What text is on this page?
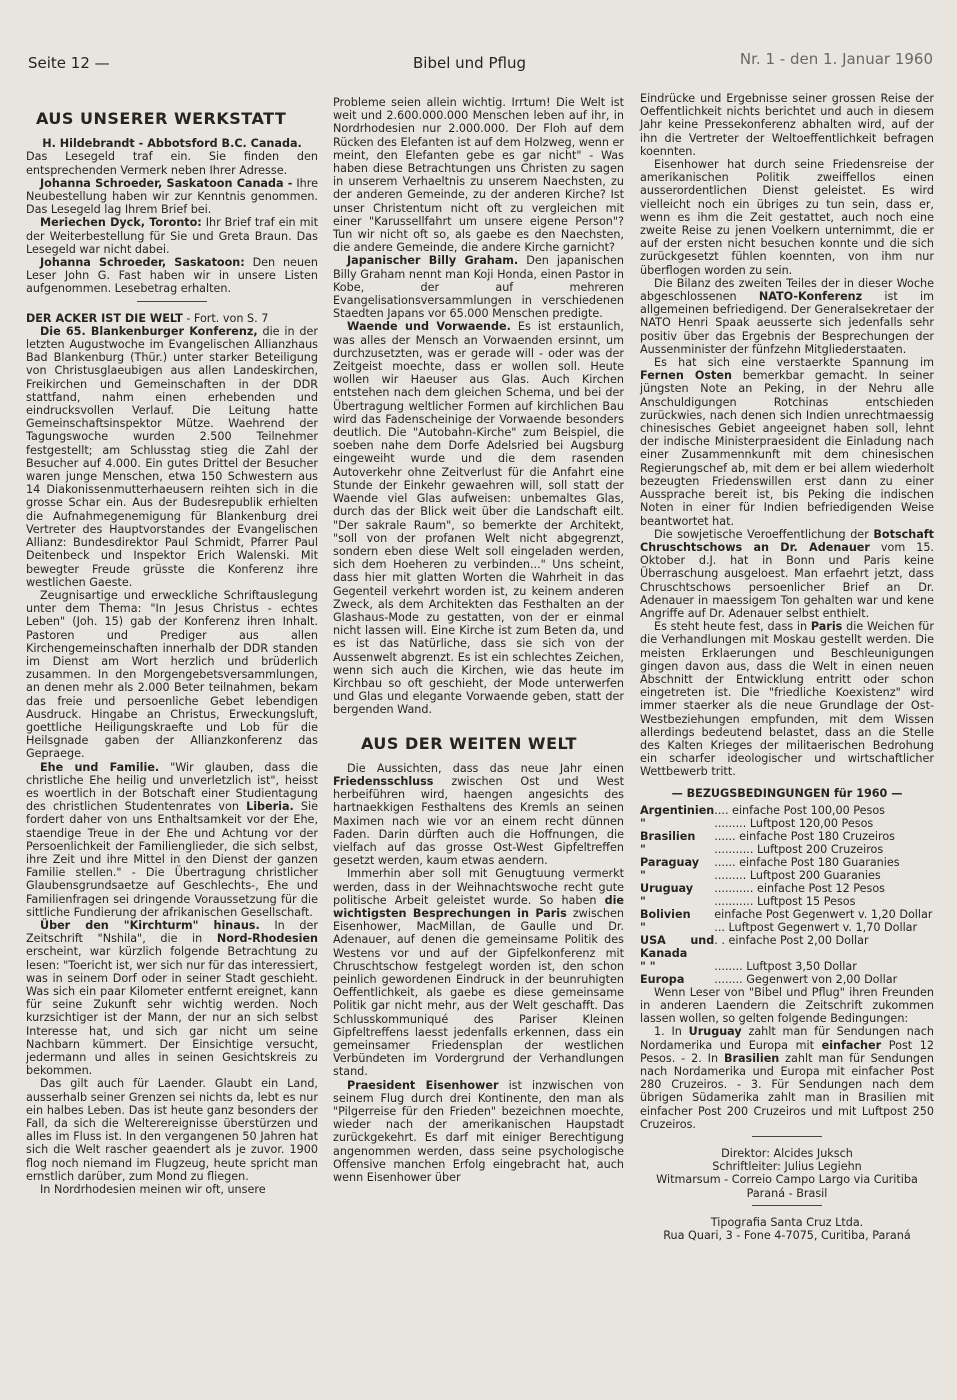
Seite 12 —	Bibel und Pflug	Nr. 1 - den 1. Januar 1960
AUS UNSERER WERKSTATT

H. Hildebrandt - Abbotsford B.C. Canada.

Das Lesegeld traf ein. Sie finden den entsprechenden Vermerk neben Ihrer Adresse.

Johanna Schroeder, Saskatoon Canada - Ihre Neubestellung haben wir zur Kenntnis genommen. Das Lesegeld lag Ihrem Brief bei.

Meriechen Dyck, Toronto: Ihr Brief traf ein mit der Weiterbestellung für Sie und Greta Braun. Das Lesegeld war nicht dabei.

Johanna Schroeder, Saskatoon: Den neuen Leser John G. Fast haben wir in unsere Listen aufgenommen. Lesebetrag erhalten.

DER ACKER IST DIE WELT - Fort. von S. 7

Die 65. Blankenburger Konferenz, die in der letzten Augustwoche im Evangelischen Allianzhaus Bad Blankenburg (Thür.) unter starker Beteiligung von Christusglaeubigen aus allen Landeskirchen, Freikirchen und Gemeinschaften in der DDR stattfand, nahm einen erhebenden und eindrucksvollen Verlauf. Die Leitung hatte Gemeinschaftsinspektor Mütze. Waehrend der Tagungswoche wurden 2.500 Teilnehmer festgestellt; am Schlusstag stieg die Zahl der Besucher auf 4.000. Ein gutes Drittel der Besucher waren junge Menschen, etwa 150 Schwestern aus 14 Diakonissenmutterhaeusern reihten sich in die grosse Schar ein. Aus der Budesrepublik erhielten die Aufnahmegenemigung für Blankenburg drei Vertreter des Hauptvorstandes der Evangelischen Allianz: Bundesdirektor Paul Schmidt, Pfarrer Paul Deitenbeck und Inspektor Erich Walenski. Mit bewegter Freude grüsste die Konferenz ihre westlichen Gaeste.

Zeugnisartige und erweckliche Schriftauslegung unter dem Thema: "In Jesus Christus - echtes Leben" (Joh. 15) gab der Konferenz ihren Inhalt. Pastoren und Prediger aus allen Kirchengemeinschaften innerhalb der DDR standen im Dienst am Wort herzlich und brüderlich zusammen. In den Morgengebetsversammlungen, an denen mehr als 2.000 Beter teilnahmen, bekam das freie und persoenliche Gebet lebendigen Ausdruck. Hingabe an Christus, Erweckungsluft, goettliche Heiligungskraefte und Lob für die Heilsgnade gaben der Allianzkonferenz das Gepraege.

Ehe und Familie. "Wir glauben, dass die christliche Ehe heilig und unverletzlich ist", heisst es woertlich in der Botschaft einer Studientagung des christlichen Studentenrates von Liberia. Sie fordert daher von uns Enthaltsamkeit vor der Ehe, staendige Treue in der Ehe und Achtung vor der Persoenlichkeit der Familienglieder, die sich selbst, ihre Zeit und ihre Mittel in den Dienst der ganzen Familie stellen." - Die Übertragung christlicher Glaubensgrundsaetze auf Geschlechts-, Ehe und Familienfragen sei dringende Voraussetzung für die sittliche Fundierung der afrikanischen Gesellschaft.

Über den "Kirchturm" hinaus. In der Zeitschrift "Nshila", die in Nord-Rhodesien erscheint, war kürzlich folgende Betrachtung zu lesen: "Toericht ist, wer sich nur für das interessiert, was in seinem Dorf oder in seiner Stadt geschieht. Was sich ein paar Kilometer entfernt ereignet, kann für seine Zukunft sehr wichtig werden. Noch kurzsichtiger ist der Mann, der nur an sich selbst Interesse hat, und sich gar nicht um seine Nachbarn kümmert. Der Einsichtige versucht, jedermann und alles in seinen Gesichtskreis zu bekommen.

Das gilt auch für Laender. Glaubt ein Land, ausserhalb seiner Grenzen sei nichts da, lebt es nur ein halbes Leben. Das ist heute ganz besonders der Fall, da sich die Welterereignisse überstürzen und alles im Fluss ist. In den vergangenen 50 Jahren hat sich die Welt rascher geaendert als je zuvor. 1900 flog noch niemand im Flugzeug, heute spricht man ernstlich darüber, zum Mond zu fliegen.

In Nordrhodesien meinen wir oft, unsere

Probleme seien allein wichtig. Irrtum! Die Welt ist weit und 2.600.000.000 Menschen leben auf ihr, in Nordrhodesien nur 2.000.000. Der Floh auf dem Rücken des Elefanten ist auf dem Holzweg, wenn er meint, den Elefanten gebe es gar nicht" - Was haben diese Betrachtungen uns Christen zu sagen in unserem Verhaeltnis zu unserem Naechsten, zu der anderen Gemeinde, zu der anderen Kirche? Ist unser Christentum nicht oft zu vergleichen mit einer "Karussellfahrt um unsere eigene Person"? Tun wir nicht oft so, als gaebe es den Naechsten, die andere Gemeinde, die andere Kirche garnicht?

Japanischer Billy Graham. Den japanischen Billy Graham nennt man Koji Honda, einen Pastor in Kobe, der auf mehreren Evangelisationsversammlungen in verschiedenen Staedten Japans vor 65.000 Menschen predigte.

Waende und Vorwaende. Es ist erstaunlich, was alles der Mensch an Vorwaenden ersinnt, um durchzusetzten, was er gerade will - oder was der Zeitgeist moechte, dass er wollen soll. Heute wollen wir Haeuser aus Glas. Auch Kirchen entstehen nach dem gleichen Schema, und bei der Übertragung weltlicher Formen auf kirchlichen Bau wird das Fadenscheinige der Vorwaende besonders deutlich. Die "Autobahn-Kirche" zum Beispiel, die soeben nahe dem Dorfe Adelsried bei Augsburg eingeweiht wurde und die dem rasenden Autoverkehr ohne Zeitverlust für die Anfahrt eine Stunde der Einkehr gewaehren will, soll statt der Waende viel Glas aufweisen: unbemaltes Glas, durch das der Blick weit über die Landschaft eilt. "Der sakrale Raum", so bemerkte der Architekt, "soll von der profanen Welt nicht abgegrenzt, sondern eben diese Welt soll eingeladen werden, sich dem Hoeheren zu verbinden..." Uns scheint, dass hier mit glatten Worten die Wahrheit in das Gegenteil verkehrt worden ist, zu keinem anderen Zweck, als dem Architekten das Festhalten an der Glashaus-Mode zu gestatten, von der er einmal nicht lassen will. Eine Kirche ist zum Beten da, und es ist das Natürliche, dass sie sich von der Aussenwelt abgrenzt. Es ist ein schlechtes Zeichen, wenn sich auch die Kirchen, wie das heute im Kirchbau so oft geschieht, der Mode unterwerfen und Glas und elegante Vorwaende geben, statt der bergenden Wand.

AUS DER WEITEN WELT

Die Aussichten, dass das neue Jahr einen Friedensschluss zwischen Ost und West herbeiführen wird, haengen angesichts des hartnaekkigen Festhaltens des Kremls an seinen Maximen nach wie vor an einem recht dünnen Faden. Darin dürften auch die Hoffnungen, die vielfach auf das grosse Ost-West Gipfeltreffen gesetzt werden, kaum etwas aendern.

Immerhin aber soll mit Genugtuung vermerkt werden, dass in der Weihnachtswoche recht gute politische Arbeit geleistet wurde. So haben die wichtigsten Besprechungen in Paris zwischen Eisenhower, MacMillan, de Gaulle und Dr. Adenauer, auf denen die gemeinsame Politik des Westens vor und auf der Gipfelkonferenz mit Chruschtschow festgelegt worden ist, den schon peinlich gewordenen Eindruck in der beunruhigten Oeffentlichkeit, als gaebe es diese gemeinsame Politik gar nicht mehr, aus der Welt geschafft. Das Schlusskommuniqué des Pariser Kleinen Gipfeltreffens laesst jedenfalls erkennen, dass ein gemeinsamer Friedensplan der westlichen Verbündeten im Vordergrund der Verhandlungen stand.

Praesident Eisenhower ist inzwischen von seinem Flug durch drei Kontinente, den man als "Pilgerreise für den Frieden" bezeichnen moechte, wieder nach der amerikanischen Haupstadt zurückgekehrt. Es darf mit einiger Berechtigung angenommen werden, dass seine psychologische Offensive manchen Erfolg eingebracht hat, auch wenn Eisenhower über

Eindrücke und Ergebnisse seiner grossen Reise der Oeffentlichkeit nichts berichtet und auch in diesem Jahr keine Pressekonferenz abhalten wird, auf der ihn die Vertreter der Weltoeffentlichkeit befragen koennten.

Eisenhower hat durch seine Friedensreise der amerikanischen Politik zweiffellos einen ausserordentlichen Dienst geleistet. Es wird vielleicht noch ein übriges zu tun sein, dass er, wenn es ihm die Zeit gestattet, auch noch eine zweite Reise zu jenen Voelkern unternimmt, die er auf der ersten nicht besuchen konnte und die sich zurückgesetzt fühlen koennten, von ihm nur überflogen worden zu sein.

Die Bilanz des zweiten Teiles der in dieser Woche abgeschlossenen NATO-Konferenz ist im allgemeinen befriedigend. Der Generalsekretaer der NATO Henri Spaak aeusserte sich jedenfalls sehr positiv über das Ergebnis der Besprechungen der Aussenminister der fünfzehn Mitgliederstaaten.

Es hat sich eine verstaerkte Spannung im Fernen Osten bemerkbar gemacht. In seiner jüngsten Note an Peking, in der Nehru alle Anschuldigungen Rotchinas entschieden zurückwies, nach denen sich Indien unrechtmaessig chinesisches Gebiet angeeignet haben soll, lehnt der indische Ministerpraesident die Einladung nach einer Zusammennkunft mit dem chinesischen Regierungschef ab, mit dem er bei allem wiederholt bezeugten Friedenswillen erst dann zu einer Aussprache bereit ist, bis Peking die indischen Noten in einer für Indien befriedigenden Weise beantwortet hat.

Die sowjetische Veroeffentlichung der Botschaft Chruschtschows an Dr. Adenauer vom 15. Oktober d.J. hat in Bonn und Paris keine Überraschung ausgeloest. Man erfaehrt jetzt, dass Chruschtschows persoenlicher Brief an Dr. Adenauer in maessigem Ton gehalten war und kene Angriffe auf Dr. Adenauer selbst enthielt.

Es steht heute fest, dass in Paris die Weichen für die Verhandlungen mit Moskau gestellt werden. Die meisten Erklaerungen und Beschleunigungen gingen davon aus, dass die Welt in einen neuen Abschnitt der Entwicklung entritt oder schon eingetreten ist. Die "friedliche Koexistenz" wird immer staerker als die neue Grundlage der Ost-Westbeziehungen empfunden, mit dem Wissen allerdings bedeutend belastet, dass an die Stelle des Kalten Krieges der militaerischen Bedrohung ein scharfer ideologischer und wirtschaftlicher Wettbewerb tritt.

— BEZUGSBEDINGUNGEN für 1960 —
Argentinien	.... einfache Post 100,00 Pesos
"	......... Luftpost 120,00 Pesos
Brasilien	...... einfache Post 180 Cruzeiros
"	........... Luftpost 200 Cruzeiros
Paraguay	...... einfache Post 180 Guaranies
"	......... Luftpost 200 Guaranies
Uruguay	........... einfache Post 12 Pesos
"	........... Luftpost 15 Pesos
Bolivien	einfache Post Gegenwert v. 1,20 Dollar
"	... Luftpost Gegenwert v. 1,70 Dollar
USA und Kanada	. . einfache Post 2,00 Dollar
" "	........ Luftpost 3,50 Dollar
Europa	........ Gegenwert von 2,00 Dollar

Wenn Leser von "Bibel und Pflug" ihren Freunden in anderen Laendern die Zeitschrift zukommen lassen wollen, so gelten folgende Bedingungen:

1. In Uruguay zahlt man für Sendungen nach Nordamerika und Europa mit einfacher Post 12 Pesos. - 2. In Brasilien zahlt man für Sendungen nach Nordamerika und Europa mit einfacher Post 280 Cruzeiros. - 3. Für Sendungen nach dem übrigen Südamerika zahlt man in Brasilien mit einfacher Post 200 Cruzeiros und mit Luftpost 250 Cruzeiros.

Direktor: Alcides Juksch

Schriftleiter: Julius Legiehn

Witmarsum - Correio Campo Largo via Curitiba

Paraná - Brasil

Tipografia Santa Cruz Ltda.

Rua Quari, 3 - Fone 4-7075, Curitiba, Paraná
